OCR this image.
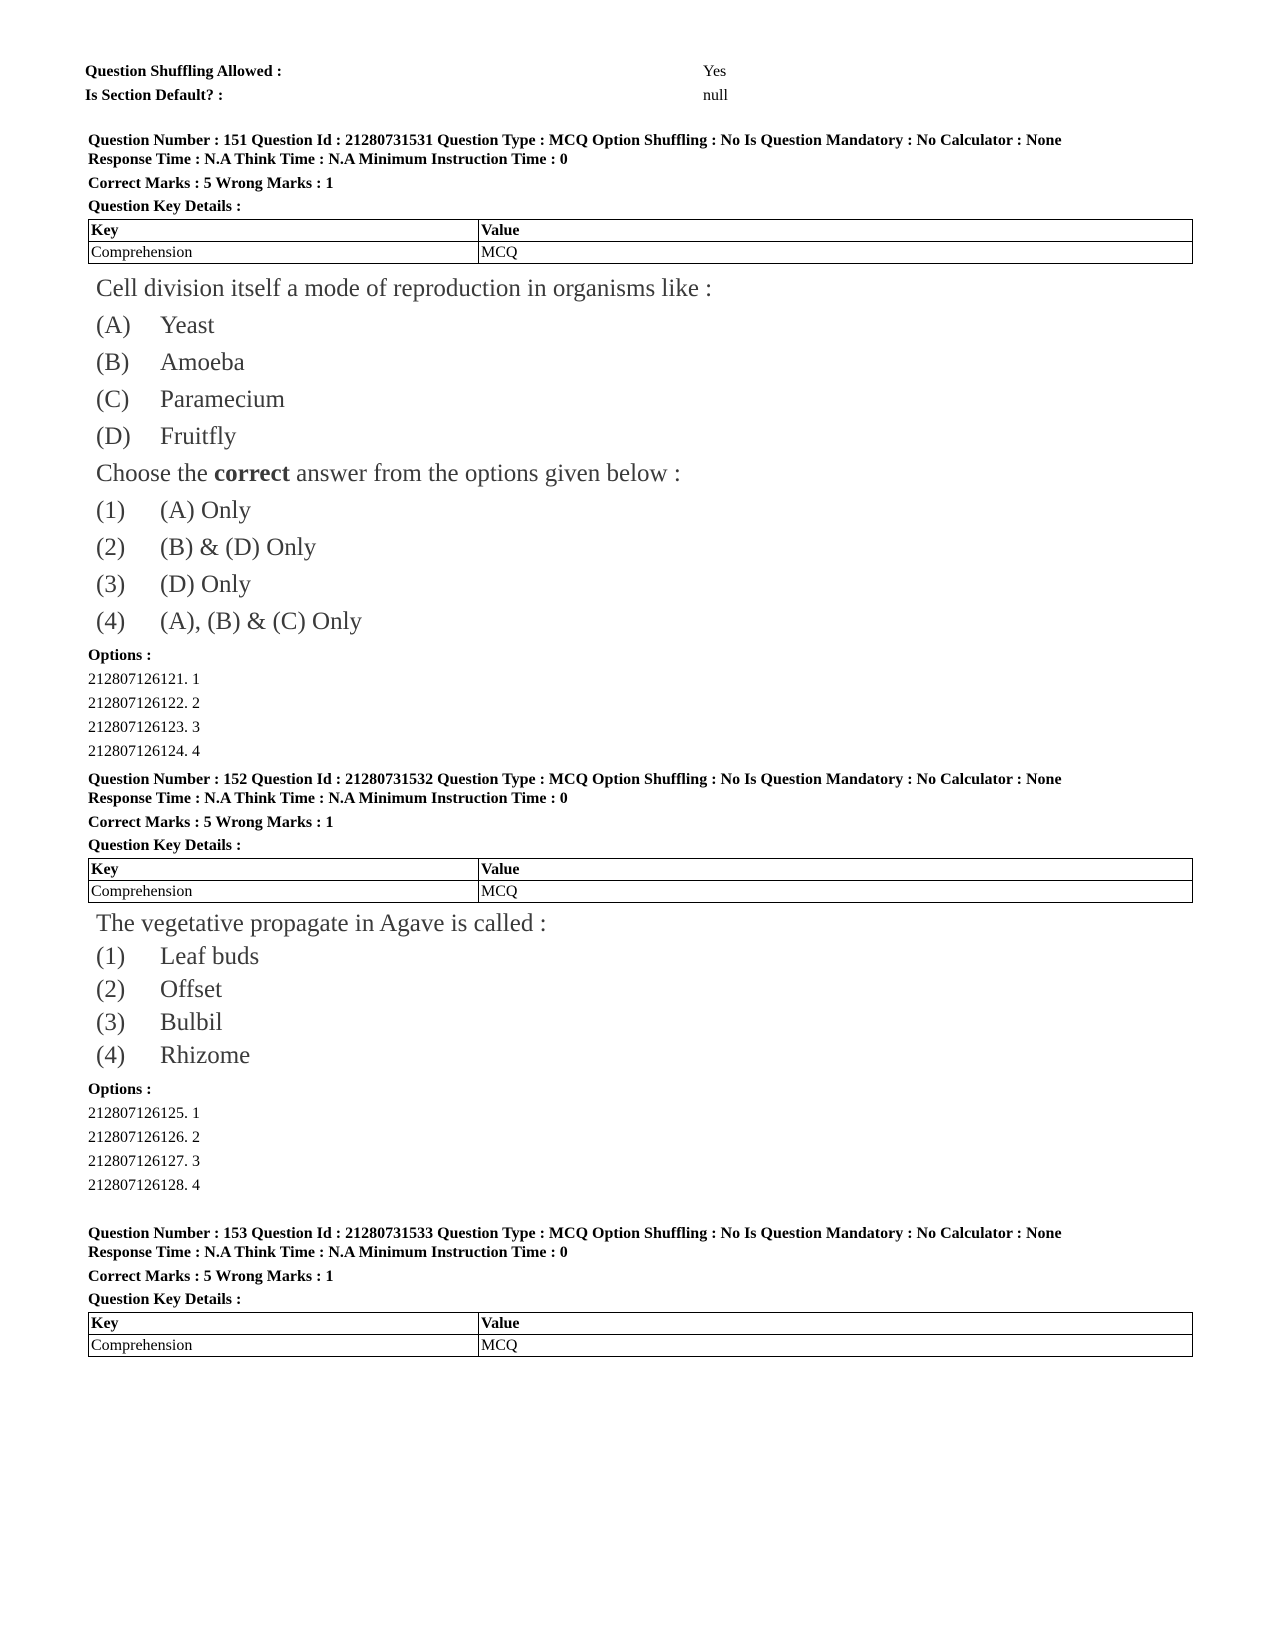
Question Shuffling Allowed :	Yes
Is Section Default? :	null
Question Number : 151 Question Id : 21280731531 Question Type : MCQ Option Shuffling : No Is Question Mandatory : No Calculator : None
Response Time : N.A Think Time : N.A Minimum Instruction Time : 0
Correct Marks : 5 Wrong Marks : 1
Question Key Details :
Key	Value
Comprehension	MCQ
Cell division itself a mode of reproduction in organisms like :
(A)	Yeast
(B)	Amoeba
(C)	Paramecium
(D)	Fruitfly
Choose the correct answer from the options given below :
(1)	(A) Only
(2)	(B) & (D) Only
(3)	(D) Only
(4)	(A), (B) & (C) Only
Options :
212807126121. 1
212807126122. 2
212807126123. 3
212807126124. 4
Question Number : 152 Question Id : 21280731532 Question Type : MCQ Option Shuffling : No Is Question Mandatory : No Calculator : None
Response Time : N.A Think Time : N.A Minimum Instruction Time : 0
Correct Marks : 5 Wrong Marks : 1
Question Key Details :
Key	Value
Comprehension	MCQ
The vegetative propagate in Agave is called :
(1)	Leaf buds
(2)	Offset
(3)	Bulbil
(4)	Rhizome
Options :
212807126125. 1
212807126126. 2
212807126127. 3
212807126128. 4
Question Number : 153 Question Id : 21280731533 Question Type : MCQ Option Shuffling : No Is Question Mandatory : No Calculator : None
Response Time : N.A Think Time : N.A Minimum Instruction Time : 0
Correct Marks : 5 Wrong Marks : 1
Question Key Details :
Key	Value
Comprehension	MCQ
